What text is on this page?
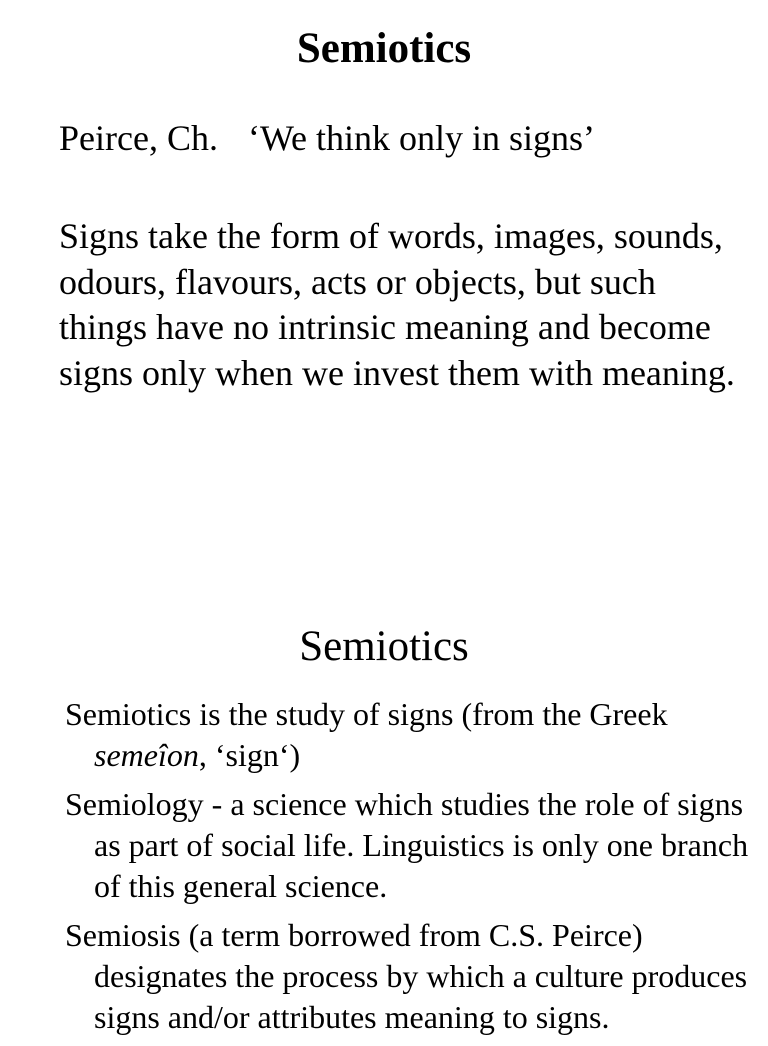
Semiotics

Peirce, Ch. ‘We think only in signs’

Signs take the form of words, images, sounds, odours, flavours, acts or objects, but such things have no intrinsic meaning and become signs only when we invest them with meaning.

Semiotics
Semiotics is the study of signs (from the Greek semeîon, ‘sign‘)
Semiology - a science which studies the role of signs as part of social life. Linguistics is only one branch of this general science.
Semiosis (a term borrowed from C.S. Peirce) designates the process by which a culture produces signs and/or attributes meaning to signs.
